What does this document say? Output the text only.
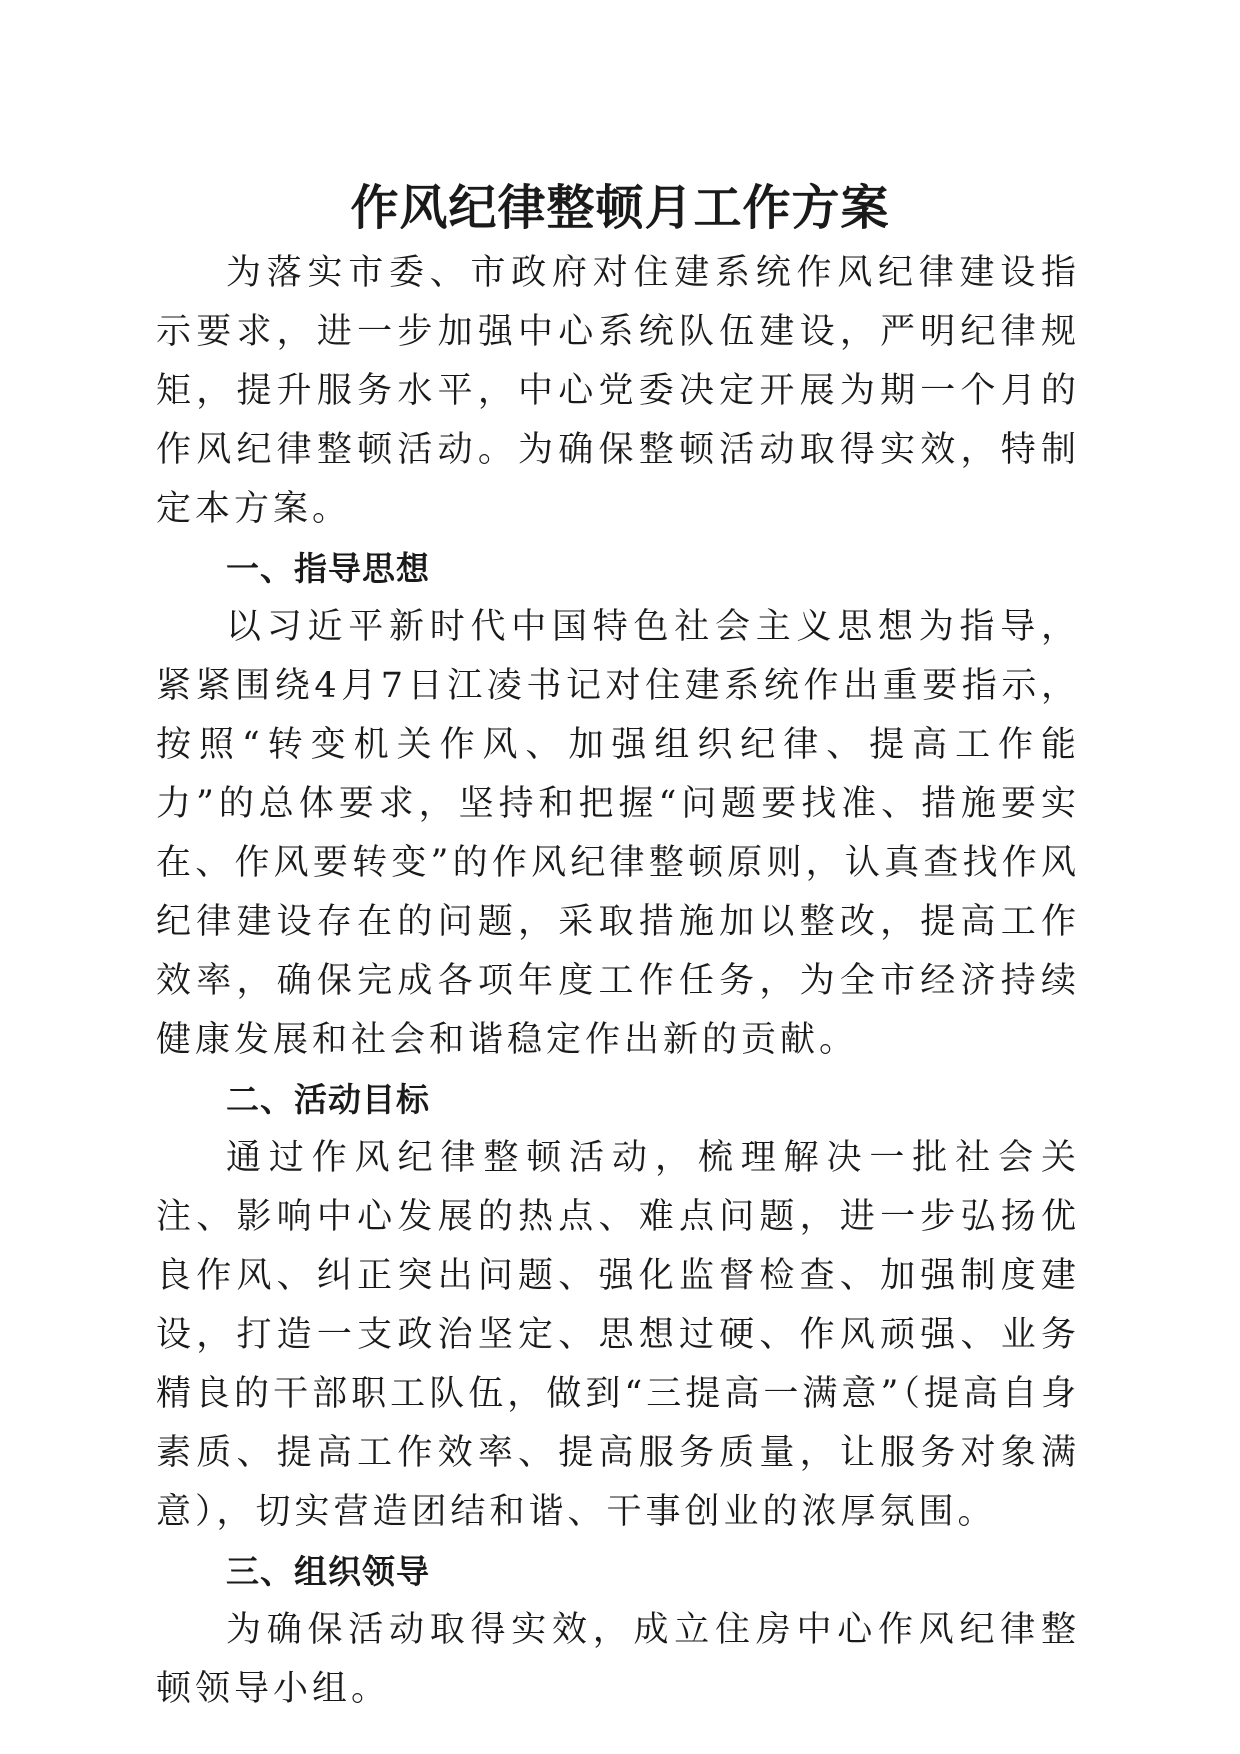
作风纪律整顿月工作方案

为落实市委、市政府对住建系统作风纪律建设指示要求，进一步加强中心系统队伍建设，严明纪律规矩，提升服务水平，中心党委决定开展为期一个月的作风纪律整顿活动。为确保整顿活动取得实效，特制定本方案。

一、指导思想

以习近平新时代中国特色社会主义思想为指导，紧紧围绕4月7日江凌书记对住建系统作出重要指示，按照“转变机关作风、加强组织纪律、提高工作能力”的总体要求，坚持和把握“问题要找准、措施要实在、作风要转变”的作风纪律整顿原则，认真查找作风纪律建设存在的问题，采取措施加以整改，提高工作效率，确保完成各项年度工作任务，为全市经济持续健康发展和社会和谐稳定作出新的贡献。

二、活动目标

通过作风纪律整顿活动，梳理解决一批社会关注、影响中心发展的热点、难点问题，进一步弘扬优良作风、纠正突出问题、强化监督检查、加强制度建设，打造一支政治坚定、思想过硬、作风顽强、业务精良的干部职工队伍，做到“三提高一满意”（提高自身素质、提高工作效率、提高服务质量，让服务对象满意），切实营造团结和谐、干事创业的浓厚氛围。

三、组织领导

为确保活动取得实效，成立住房中心作风纪律整顿领导小组。
